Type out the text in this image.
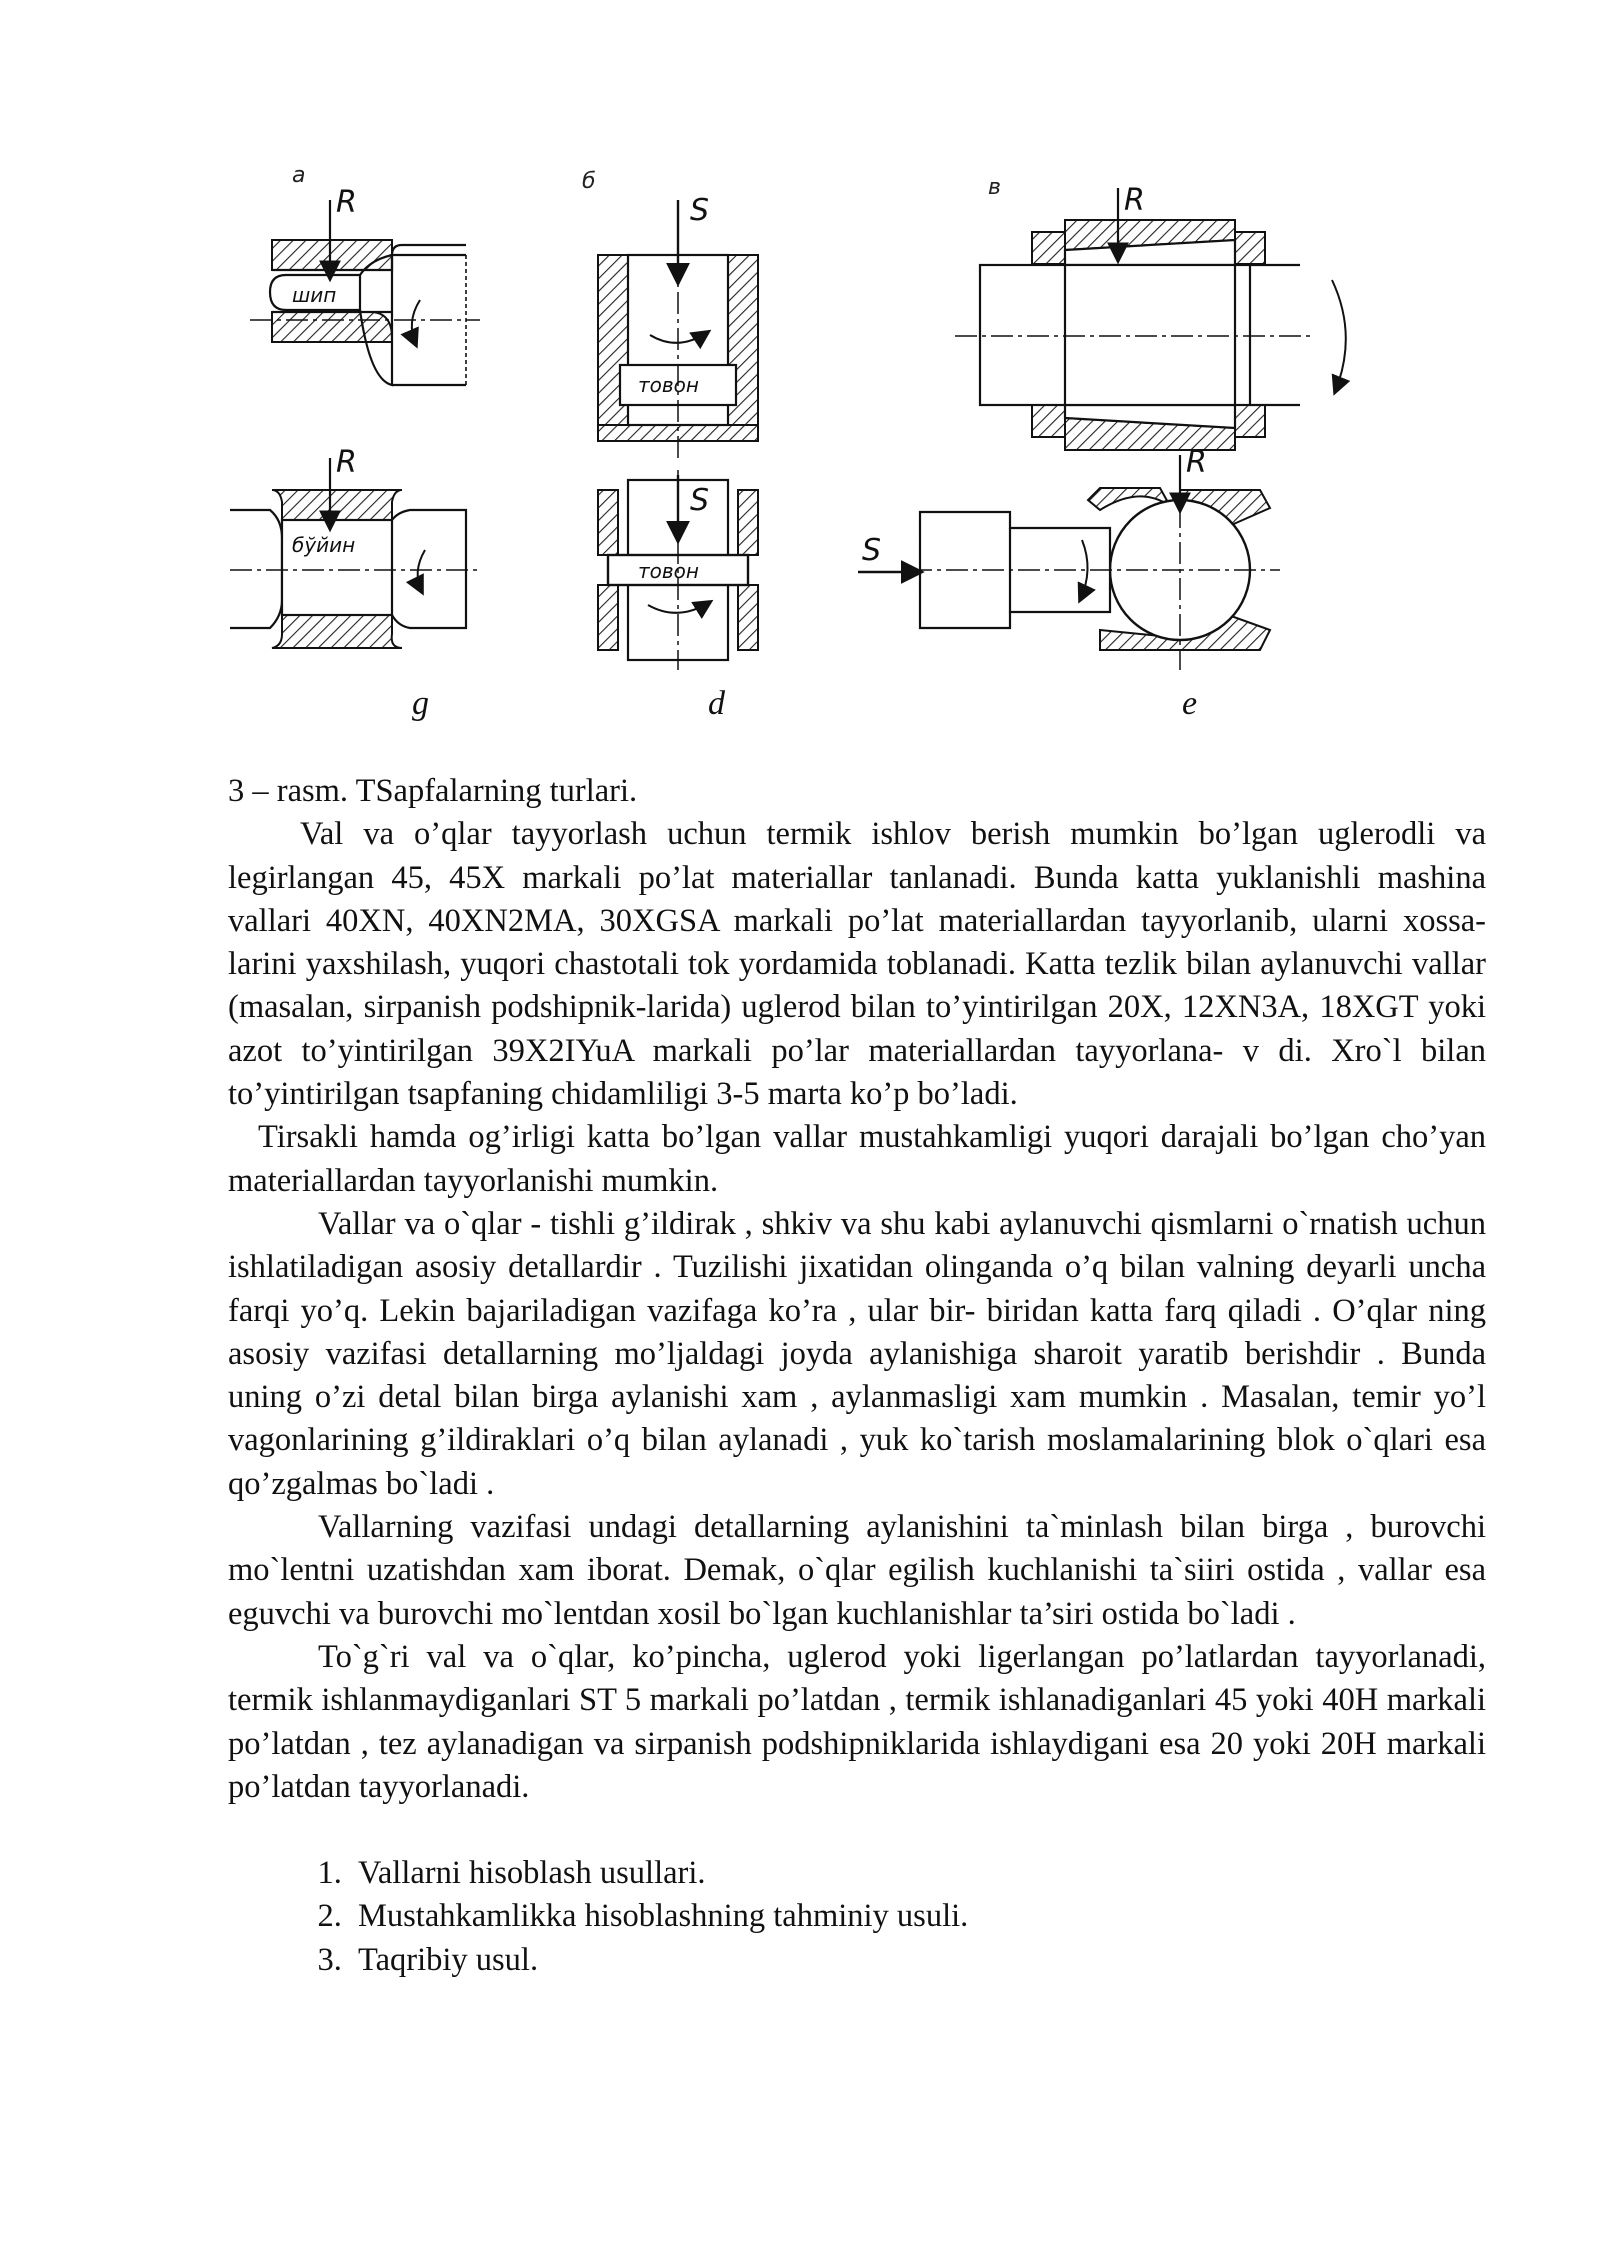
а
R
шип
б
S
товон
в	R
R
бўйин
g
S
товон
d
R
S
e

3 – rasm. TSapfalarning turlari.

Val va o’qlar tayyorlash uchun termik ishlov berish mumkin bo’lgan uglerodli va legirlangan 45, 45X markali po’lat materiallar tanlanadi. Bunda katta yuklanishli mashina vallari 40XN, 40XN2MA, 30XGSA markali po’lat materiallardan tayyorlanib, ularni xossa-larini yaxshilash, yuqori chastotali tok yordamida toblanadi. Katta tezlik bilan aylanuvchi vallar (masalan, sirpanish podshipnik-larida) uglerod bilan to’yintirilgan 20X, 12XN3A, 18XGT yoki azot to’yintirilgan 39X2IYuA markali po’lar materiallardan tayyorlana- v di. Xro`l bilan to’yintirilgan tsapfaning chidamliligi 3-5 marta ko’p bo’ladi.

Tirsakli hamda og’irligi katta bo’lgan vallar mustahkamligi yuqori darajali bo’lgan cho’yan materiallardan tayyorlanishi mumkin.

Vallar va o`qlar - tishli g’ildirak , shkiv va shu kabi aylanuvchi qismlarni o`rnatish uchun ishlatiladigan asosiy detallardir . Tuzilishi jixatidan olinganda o’q bilan valning deyarli uncha farqi yo’q. Lekin bajariladigan vazifaga ko’ra , ular bir- biridan katta farq qiladi . O’qlar ning asosiy vazifasi detallarning mo’ljaldagi joyda aylanishiga sharoit yaratib berishdir . Bunda uning o’zi detal bilan birga aylanishi xam , aylanmasligi xam mumkin . Masalan, temir yo’l vagonlarining g’ildiraklari o’q bilan aylanadi , yuk ko`tarish moslamalarining blok o`qlari esa qo’zgalmas bo`ladi .

Vallarning vazifasi undagi detallarning aylanishini ta`minlash bilan birga , burovchi mo`lentni uzatishdan xam iborat. Demak, o`qlar egilish kuchlanishi ta`siiri ostida , vallar esa eguvchi va burovchi mo`lentdan xosil bo`lgan kuchlanishlar ta’siri ostida bo`ladi .

To`g`ri val va o`qlar, ko’pincha, uglerod yoki ligerlangan po’latlardan tayyorlanadi, termik ishlanmaydiganlari ST 5 markali po’latdan , termik ishlanadiganlari 45 yoki 40H markali po’latdan , tez aylanadigan va sirpanish podshipniklarida ishlaydigani esa 20 yoki 20H markali po’latdan tayyorlanadi.

1. Vallarni hisoblash usullari.
2. Mustahkamlikka hisoblashning tahminiy usuli.
3. Taqribiy usul.
